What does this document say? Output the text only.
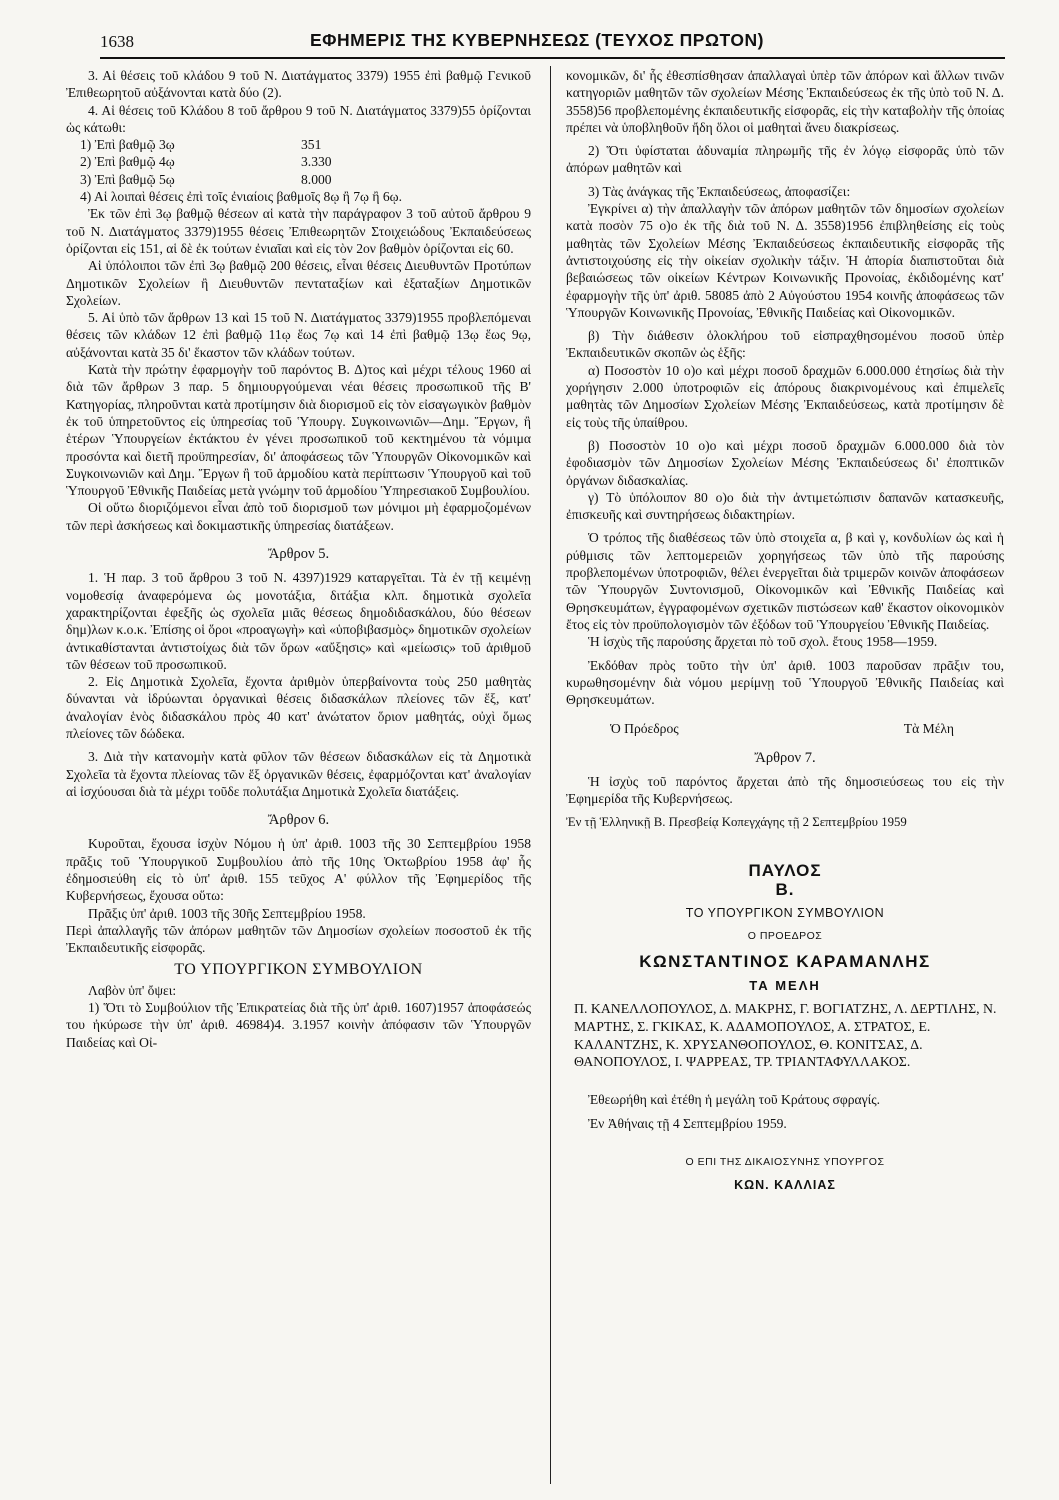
1638	ΕΦΗΜΕΡΙΣ ΤΗΣ ΚΥΒΕΡΝΗΣΕΩΣ (ΤΕΥΧΟΣ ΠΡΩΤΟΝ)

3. Αἱ θέσεις τοῦ κλάδου 9 τοῦ Ν. Διατάγματος 3379) 1955 ἐπὶ βαθμῷ Γενικοῦ Ἐπιθεωρητοῦ αὐξάνονται κατὰ δύο (2).

4. Αἱ θέσεις τοῦ Κλάδου 8 τοῦ ἄρθρου 9 τοῦ Ν. Διατάγματος 3379)55 ὁρίζονται ὡς κάτωθι:

1) Ἐπὶ βαθμῷ 3ῳ	351
2) Ἐπὶ βαθμῷ 4ῳ	3.330
3) Ἐπὶ βαθμῷ 5ῳ	8.000

4) Αἱ λοιπαὶ θέσεις ἐπὶ τοῖς ἐνιαίοις βαθμοῖς 8ῳ ἢ 7ῳ ἢ 6ῳ.

Ἐκ τῶν ἐπὶ 3ῳ βαθμῷ θέσεων αἱ κατὰ τὴν παράγραφον 3 τοῦ αὐτοῦ ἄρθρου 9 τοῦ Ν. Διατάγματος 3379)1955 θέσεις Ἐπιθεωρητῶν Στοιχειώδους Ἐκπαιδεύσεως ὁρίζονται εἰς 151, αἱ δὲ ἐκ τούτων ἐνιαῖαι καὶ εἰς τὸν 2ον βαθμὸν ὁρίζονται εἰς 60.

Αἱ ὑπόλοιποι τῶν ἐπὶ 3ῳ βαθμῷ 200 θέσεις, εἶναι θέσεις Διευθυντῶν Προτύπων Δημοτικῶν Σχολείων ἢ Διευθυντῶν πενταταξίων καὶ ἑξαταξίων Δημοτικῶν Σχολείων.

5. Αἱ ὑπὸ τῶν ἄρθρων 13 καὶ 15 τοῦ Ν. Διατάγματος 3379)1955 προβλεπόμεναι θέσεις τῶν κλάδων 12 ἐπὶ βαθμῷ 11ῳ ἕως 7ῳ καὶ 14 ἐπὶ βαθμῷ 13ῳ ἕως 9ῳ, αὐξάνονται κατὰ 35 δι' ἕκαστον τῶν κλάδων τούτων.

Κατὰ τὴν πρώτην ἐφαρμογὴν τοῦ παρόντος Β. Δ)τος καὶ μέχρι τέλους 1960 αἱ διὰ τῶν ἄρθρων 3 παρ. 5 δημιουργούμεναι νέαι θέσεις προσωπικοῦ τῆς Β' Κατηγορίας, πληροῦνται κατὰ προτίμησιν διὰ διορισμοῦ εἰς τὸν εἰσαγωγικὸν βαθμὸν ἐκ τοῦ ὑπηρετοῦντος εἰς ὑπηρεσίας τοῦ Ὑπουργ. Συγκοινωνιῶν—Δημ. Ἔργων, ἢ ἑτέρων Ὑπουργείων ἐκτάκτου ἐν γένει προσωπικοῦ τοῦ κεκτημένου τὰ νόμιμα προσόντα καὶ διετῆ προϋπηρεσίαν, δι' ἀποφάσεως τῶν Ὑπουργῶν Οἰκονομικῶν καὶ Συγκοινωνιῶν καὶ Δημ. Ἔργων ἢ τοῦ ἁρμοδίου κατὰ περίπτωσιν Ὑπουργοῦ καὶ τοῦ Ὑπουργοῦ Ἐθνικῆς Παιδείας μετὰ γνώμην τοῦ ἁρμοδίου Ὑπηρεσιακοῦ Συμβουλίου.

Οἱ οὕτω διοριζόμενοι εἶναι ἀπὸ τοῦ διορισμοῦ των μόνιμοι μὴ ἐφαρμοζομένων τῶν περὶ ἀσκήσεως καὶ δοκιμαστικῆς ὑπηρεσίας διατάξεων.

Ἄρθρον 5.

1. Ἡ παρ. 3 τοῦ ἄρθρου 3 τοῦ Ν. 4397)1929 καταργεῖται. Τὰ ἐν τῇ κειμένῃ νομοθεσίᾳ ἀναφερόμενα ὡς μονοτάξια, διτάξια κλπ. δημοτικὰ σχολεῖα χαρακτηρίζονται ἐφεξῆς ὡς σχολεῖα μιᾶς θέσεως δημοδιδασκάλου, δύο θέσεων δημ)λων κ.ο.κ. Ἐπίσης οἱ ὅροι «προαγωγὴ» καὶ «ὑποβιβασμὸς» δημοτικῶν σχολείων ἀντικαθίστανται ἀντιστοίχως διὰ τῶν ὅρων «αὔξησις» καὶ «μείωσις» τοῦ ἀριθμοῦ τῶν θέσεων τοῦ προσωπικοῦ.

2. Εἰς Δημοτικὰ Σχολεῖα, ἔχοντα ἀριθμὸν ὑπερβαίνοντα τοὺς 250 μαθητὰς δύνανται νὰ ἱδρύωνται ὀργανικαὶ θέσεις διδασκάλων πλείονες τῶν ἕξ, κατ' ἀναλογίαν ἑνὸς διδασκάλου πρὸς 40 κατ' ἀνώτατον ὅριον μαθητάς, οὐχὶ ὅμως πλείονες τῶν δώδεκα.

3. Διὰ τὴν κατανομὴν κατὰ φῦλον τῶν θέσεων διδασκάλων εἰς τὰ Δημοτικὰ Σχολεῖα τὰ ἔχοντα πλείονας τῶν ἕξ ὀργανικῶν θέσεις, ἐφαρμόζονται κατ' ἀναλογίαν αἱ ἰσχύουσαι διὰ τὰ μέχρι τοῦδε πολυτάξια Δημοτικὰ Σχολεῖα διατάξεις.

Ἄρθρον 6.

Κυροῦται, ἔχουσα ἰσχὺν Νόμου ἡ ὑπ' ἀριθ. 1003 τῆς 30 Σεπτεμβρίου 1958 πρᾶξις τοῦ Ὑπουργικοῦ Συμβουλίου ἀπὸ τῆς 10ης Ὀκτωβρίου 1958 ἀφ' ἧς ἐδημοσιεύθη εἰς τὸ ὑπ' ἀριθ. 155 τεῦχος Α' φύλλον τῆς Ἐφημερίδος τῆς Κυβερνήσεως, ἔχουσα οὕτω:

Πρᾶξις ὑπ' ἀριθ. 1003 τῆς 30ῆς Σεπτεμβρίου 1958.

Περὶ ἀπαλλαγῆς τῶν ἀπόρων μαθητῶν τῶν Δημοσίων σχολείων ποσοστοῦ ἐκ τῆς Ἐκπαιδευτικῆς εἰσφορᾶς.

ΤΟ ΥΠΟΥΡΓΙΚΟΝ ΣΥΜΒΟΥΛΙΟΝ

Λαβὸν ὑπ' ὄψει:

1) Ὅτι τὸ Συμβούλιον τῆς Ἐπικρατείας διὰ τῆς ὑπ' ἀριθ. 1607)1957 ἀποφάσεώς του ἠκύρωσε τὴν ὑπ' ἀριθ. 46984)4. 3.1957 κοινὴν ἀπόφασιν τῶν Ὑπουργῶν Παιδείας καὶ Οἰ-

κονομικῶν, δι' ἧς ἐθεσπίσθησαν ἀπαλλαγαὶ ὑπὲρ τῶν ἀπόρων καὶ ἄλλων τινῶν κατηγοριῶν μαθητῶν τῶν σχολείων Μέσης Ἐκπαιδεύσεως ἐκ τῆς ὑπὸ τοῦ Ν. Δ. 3558)56 προβλεπομένης ἐκπαιδευτικῆς εἰσφορᾶς, εἰς τὴν καταβολὴν τῆς ὁποίας πρέπει νὰ ὑποβληθοῦν ἤδη ὅλοι οἱ μαθηταὶ ἄνευ διακρίσεως.

2) Ὅτι ὑφίσταται ἀδυναμία πληρωμῆς τῆς ἐν λόγῳ εἰσφορᾶς ὑπὸ τῶν ἀπόρων μαθητῶν καὶ

3) Τὰς ἀνάγκας τῆς Ἐκπαιδεύσεως, ἀποφασίζει:

Ἐγκρίνει α) τὴν ἀπαλλαγὴν τῶν ἀπόρων μαθητῶν τῶν δημοσίων σχολείων κατὰ ποσὸν 75 ο)ο ἐκ τῆς διὰ τοῦ Ν. Δ. 3558)1956 ἐπιβληθείσης εἰς τοὺς μαθητὰς τῶν Σχολείων Μέσης Ἐκπαιδεύσεως ἐκπαιδευτικῆς εἰσφορᾶς τῆς ἀντιστοιχούσης εἰς τὴν οἰκείαν σχολικὴν τάξιν. Ἡ ἀπορία διαπιστοῦται διὰ βεβαιώσεως τῶν οἰκείων Κέντρων Κοινωνικῆς Προνοίας, ἐκδιδομένης κατ' ἐφαρμογὴν τῆς ὑπ' ἀριθ. 58085 ἀπὸ 2 Αὐγούστου 1954 κοινῆς ἀποφάσεως τῶν Ὑπουργῶν Κοινωνικῆς Προνοίας, Ἐθνικῆς Παιδείας καὶ Οἰκονομικῶν.

β) Τὴν διάθεσιν ὁλοκλήρου τοῦ εἰσπραχθησομένου ποσοῦ ὑπὲρ Ἐκπαιδευτικῶν σκοπῶν ὡς ἑξῆς:

α) Ποσοστὸν 10 ο)ο καὶ μέχρι ποσοῦ δραχμῶν 6.000.000 ἐτησίως διὰ τὴν χορήγησιν 2.000 ὑποτροφιῶν εἰς ἀπόρους διακρινομένους καὶ ἐπιμελεῖς μαθητὰς τῶν Δημοσίων Σχολείων Μέσης Ἐκπαιδεύσεως, κατὰ προτίμησιν δὲ εἰς τοὺς τῆς ὑπαίθρου.

β) Ποσοστὸν 10 ο)ο καὶ μέχρι ποσοῦ δραχμῶν 6.000.000 διὰ τὸν ἐφοδιασμὸν τῶν Δημοσίων Σχολείων Μέσης Ἐκπαιδεύσεως δι' ἐποπτικῶν ὀργάνων διδασκαλίας.

γ) Τὸ ὑπόλοιπον 80 ο)ο διὰ τὴν ἀντιμετώπισιν δαπανῶν κατασκευῆς, ἐπισκευῆς καὶ συντηρήσεως διδακτηρίων.

Ὁ τρόπος τῆς διαθέσεως τῶν ὑπὸ στοιχεῖα α, β καὶ γ, κονδυλίων ὡς καὶ ἡ ρύθμισις τῶν λεπτομερειῶν χορηγήσεως τῶν ὑπὸ τῆς παρούσης προβλεπομένων ὑποτροφιῶν, θέλει ἐνεργεῖται διὰ τριμερῶν κοινῶν ἀποφάσεων τῶν Ὑπουργῶν Συντονισμοῦ, Οἰκονομικῶν καὶ Ἐθνικῆς Παιδείας καὶ Θρησκευμάτων, ἐγγραφομένων σχετικῶν πιστώσεων καθ' ἕκαστον οἰκονομικὸν ἔτος εἰς τὸν προϋπολογισμὸν τῶν ἐξόδων τοῦ Ὑπουργείου Ἐθνικῆς Παιδείας.

Ἡ ἰσχὺς τῆς παρούσης ἄρχεται πὸ τοῦ σχολ. ἔτους 1958—1959.

Ἐκδόθαν πρὸς τοῦτο τὴν ὑπ' ἀριθ. 1003 παροῦσαν πρᾶξιν του, κυρωθησομένην διὰ νόμου μερίμνῃ τοῦ Ὑπουργοῦ Ἐθνικῆς Παιδείας καὶ Θρησκευμάτων.

Ὁ Πρόεδρος	Τὰ Μέλη
Ἄρθρον 7.

Ἡ ἰσχὺς τοῦ παρόντος ἄρχεται ἀπὸ τῆς δημοσιεύσεως του εἰς τὴν Ἐφημερίδα τῆς Κυβερνήσεως.

Ἐν τῇ Ἑλληνικῇ Β. Πρεσβείᾳ Κοπεγχάγης τῇ 2 Σεπτεμβρίου 1959

ΠΑΥΛΟΣ
Β.
ΤΟ ΥΠΟΥΡΓΙΚΟΝ ΣΥΜΒΟΥΛΙΟΝ
Ο ΠΡΟΕΔΡΟΣ
ΚΩΝΣΤΑΝΤΙΝΟΣ ΚΑΡΑΜΑΝΛΗΣ
ΤΑ ΜΕΛΗ

Π. ΚΑΝΕΛΛΟΠΟΥΛΟΣ, Δ. ΜΑΚΡΗΣ, Γ. ΒΟΓΙΑΤΖΗΣ, Λ. ΔΕΡΤΙΛΗΣ, Ν. ΜΑΡΤΗΣ, Σ. ΓΚΙΚΑΣ, Κ. ΑΔΑΜΟΠΟΥΛΟΣ, Α. ΣΤΡΑΤΟΣ, Ε. ΚΑΛΑΝΤΖΗΣ, Κ. ΧΡΥΣΑΝΘΟΠΟΥΛΟΣ, Θ. ΚΟΝΙΤΣΑΣ, Δ. ΘΑΝΟΠΟΥΛΟΣ, Ι. ΨΑΡΡΕΑΣ, ΤΡ. ΤΡΙΑΝΤΑΦΥΛΛΑΚΟΣ.

Ἐθεωρήθη καὶ ἐτέθη ἡ μεγάλη τοῦ Κράτους σφραγίς.

Ἐν Ἀθήναις τῇ 4 Σεπτεμβρίου 1959.

Ο ΕΠΙ ΤΗΣ ΔΙΚΑΙΟΣΥΝΗΣ ΥΠΟΥΡΓΟΣ
ΚΩΝ. ΚΑΛΛΙΑΣ
